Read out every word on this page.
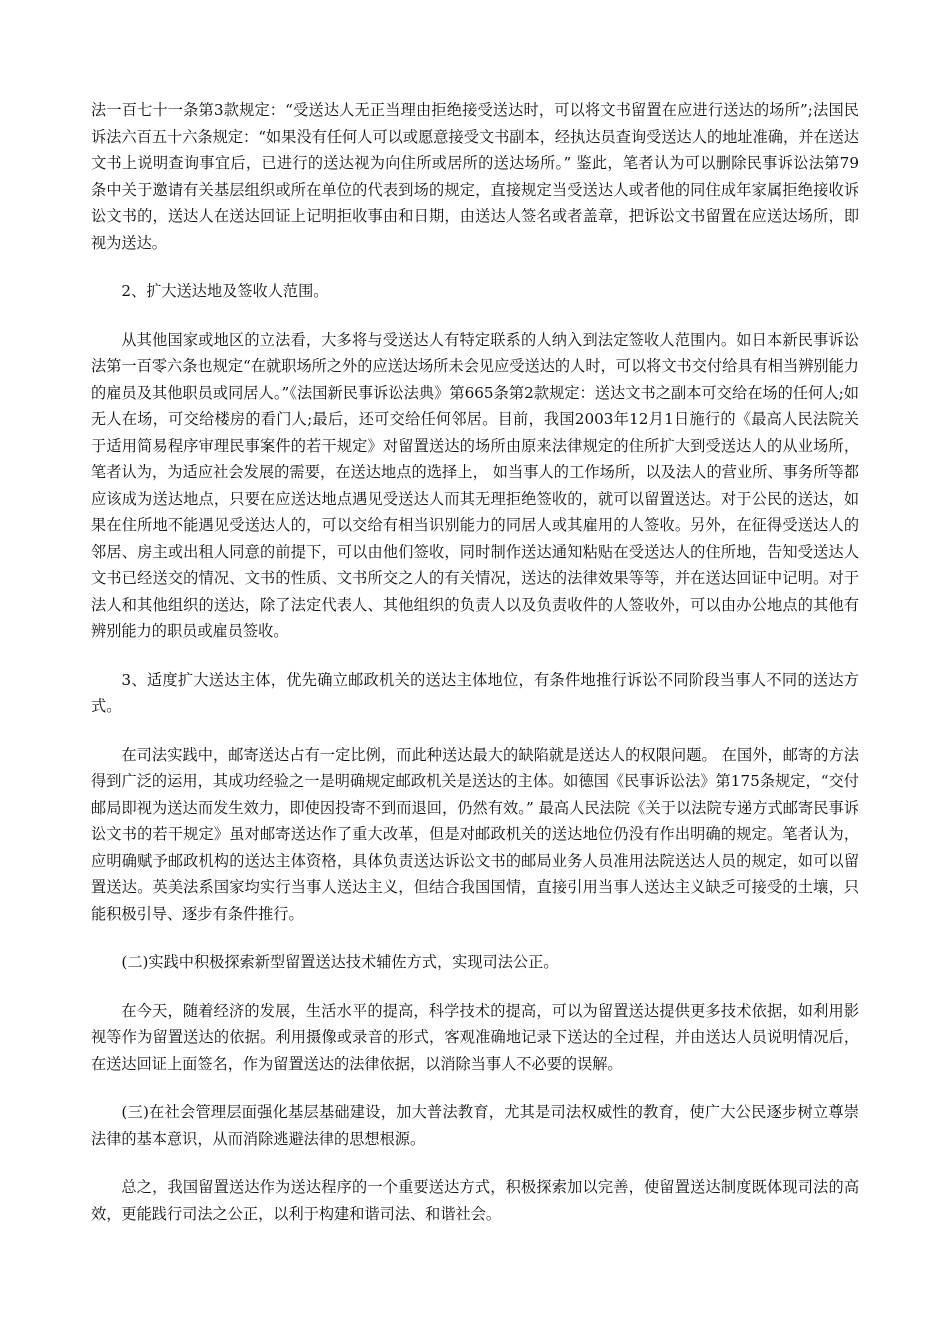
法一百七十一条第3款规定：“受送达人无正当理由拒绝接受送达时，可以将文书留置在应进行送达的场所”;法国民诉法六百五十六条规定：“如果没有任何人可以或愿意接受文书副本，经执达员查询受送达人的地址准确，并在送达文书上说明查询事宜后，已进行的送达视为向住所或居所的送达场所。” 鉴此，笔者认为可以删除民事诉讼法第79条中关于邀请有关基层组织或所在单位的代表到场的规定，直接规定当受送达人或者他的同住成年家属拒绝接收诉讼文书的，送达人在送达回证上记明拒收事由和日期，由送达人签名或者盖章，把诉讼文书留置在应送达场所，即视为送达。

2、扩大送达地及签收人范围。

从其他国家或地区的立法看，大多将与受送达人有特定联系的人纳入到法定签收人范围内。如日本新民事诉讼法第一百零六条也规定“在就职场所之外的应送达场所未会见应受送达的人时，可以将文书交付给具有相当辨别能力的雇员及其他职员或同居人。”《法国新民事诉讼法典》第665条第2款规定：送达文书之副本可交给在场的任何人;如无人在场，可交给楼房的看门人;最后，还可交给任何邻居。目前，我国2003年12月1日施行的《最高人民法院关于适用简易程序审理民事案件的若干规定》对留置送达的场所由原来法律规定的住所扩大到受送达人的从业场所，笔者认为，为适应社会发展的需要，在送达地点的选择上， 如当事人的工作场所，以及法人的营业所、事务所等都应该成为送达地点，只要在应送达地点遇见受送达人而其无理拒绝签收的，就可以留置送达。对于公民的送达，如果在住所地不能遇见受送达人的，可以交给有相当识别能力的同居人或其雇用的人签收。另外，在征得受送达人的邻居、房主或出租人同意的前提下，可以由他们签收，同时制作送达通知粘贴在受送达人的住所地，告知受送达人文书已经送交的情况、文书的性质、文书所交之人的有关情况，送达的法律效果等等，并在送达回证中记明。对于法人和其他组织的送达，除了法定代表人、其他组织的负责人以及负责收件的人签收外，可以由办公地点的其他有辨别能力的职员或雇员签收。

3、适度扩大送达主体，优先确立邮政机关的送达主体地位，有条件地推行诉讼不同阶段当事人不同的送达方式。

在司法实践中，邮寄送达占有一定比例，而此种送达最大的缺陷就是送达人的权限问题。 在国外，邮寄的方法得到广泛的运用，其成功经验之一是明确规定邮政机关是送达的主体。如德国《民事诉讼法》第175条规定，“交付邮局即视为送达而发生效力，即使因投寄不到而退回，仍然有效。” 最高人民法院《关于以法院专递方式邮寄民事诉讼文书的若干规定》虽对邮寄送达作了重大改革，但是对邮政机关的送达地位仍没有作出明确的规定。笔者认为，应明确赋予邮政机构的送达主体资格，具体负责送达诉讼文书的邮局业务人员准用法院送达人员的规定，如可以留置送达。英美法系国家均实行当事人送达主义，但结合我国国情，直接引用当事人送达主义缺乏可接受的土壤，只能积极引导、逐步有条件推行。

(二)实践中积极探索新型留置送达技术辅佐方式，实现司法公正。

在今天，随着经济的发展，生活水平的提高，科学技术的提高，可以为留置送达提供更多技术依据，如利用影视等作为留置送达的依据。利用摄像或录音的形式，客观准确地记录下送达的全过程，并由送达人员说明情况后，在送达回证上面签名，作为留置送达的法律依据，以消除当事人不必要的误解。

(三)在社会管理层面强化基层基础建设，加大普法教育，尤其是司法权威性的教育，使广大公民逐步树立尊崇法律的基本意识，从而消除逃避法律的思想根源。

总之，我国留置送达作为送达程序的一个重要送达方式，积极探索加以完善，使留置送达制度既体现司法的高效，更能践行司法之公正，以利于构建和谐司法、和谐社会。
